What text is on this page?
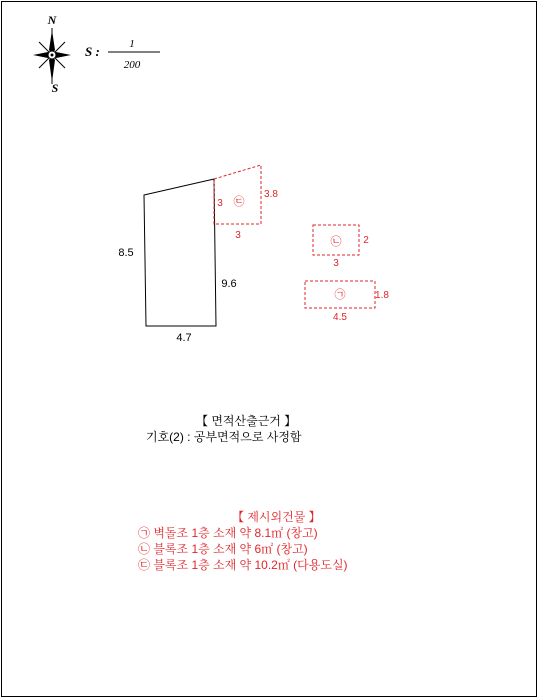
N
S
S :	1
200
8.5
9.6
4.7
㉢
3
3.8
3
㉡ 2
3
㉠	1.8
4.5
【 면적산출근거 】
기호(2) : 공부면적으로 사정함
【 제시외건물 】
㉠ 벽돌조 1층 소재 약 8.1㎡ (창고)
㉡ 블록조 1층 소재 약 6㎡ (창고)
㉢ 블록조 1층 소재 약 10.2㎡ (다용도실)
